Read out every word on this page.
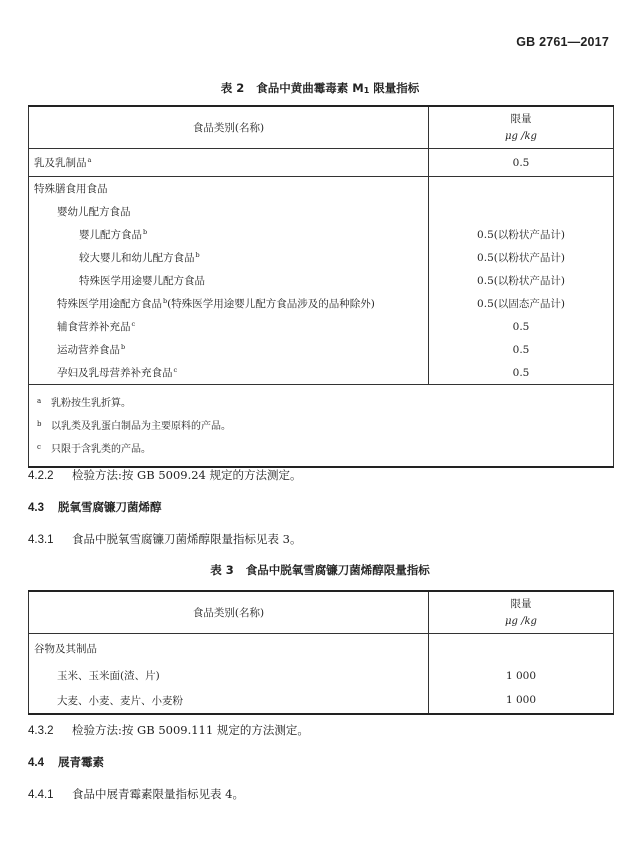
GB 2761—2017
表 2 食品中黄曲霉毒素 $M_1$ 限量指标
食品类别(名称)	限量
μg /kg

乳及乳制品$^a$	0.5
特殊膳食用食品	
婴幼儿配方食品	
婴儿配方食品$^b$	0.5(以粉状产品计)
较大婴儿和幼儿配方食品$^b$	0.5(以粉状产品计)
特殊医学用途婴儿配方食品	0.5(以粉状产品计)
特殊医学用途配方食品$^b$(特殊医学用途婴儿配方食品涉及的品种除外)	0.5(以固态产品计)
辅食营养补充品$^c$	0.5
运动营养食品$^b$	0.5
孕妇及乳母营养补充食品$^c$	0.5

a 乳粉按生乳折算。
b 以乳类及乳蛋白制品为主要原料的产品。
c 只限于含乳类的产品。	
4.2.2 检验方法:按 GB 5009.24 规定的方法测定。
4.3 脱氧雪腐镰刀菌烯醇
4.3.1 食品中脱氧雪腐镰刀菌烯醇限量指标见表 3。
表 3 食品中脱氧雪腐镰刀菌烯醇限量指标
食品类别(名称)	限量
μg /kg

谷物及其制品	
玉米、玉米面(渣、片)	1 000
大麦、小麦、麦片、小麦粉	1 000
4.3.2 检验方法:按 GB 5009.111 规定的方法测定。
4.4 展青霉素
4.4.1 食品中展青霉素限量指标见表 4。
